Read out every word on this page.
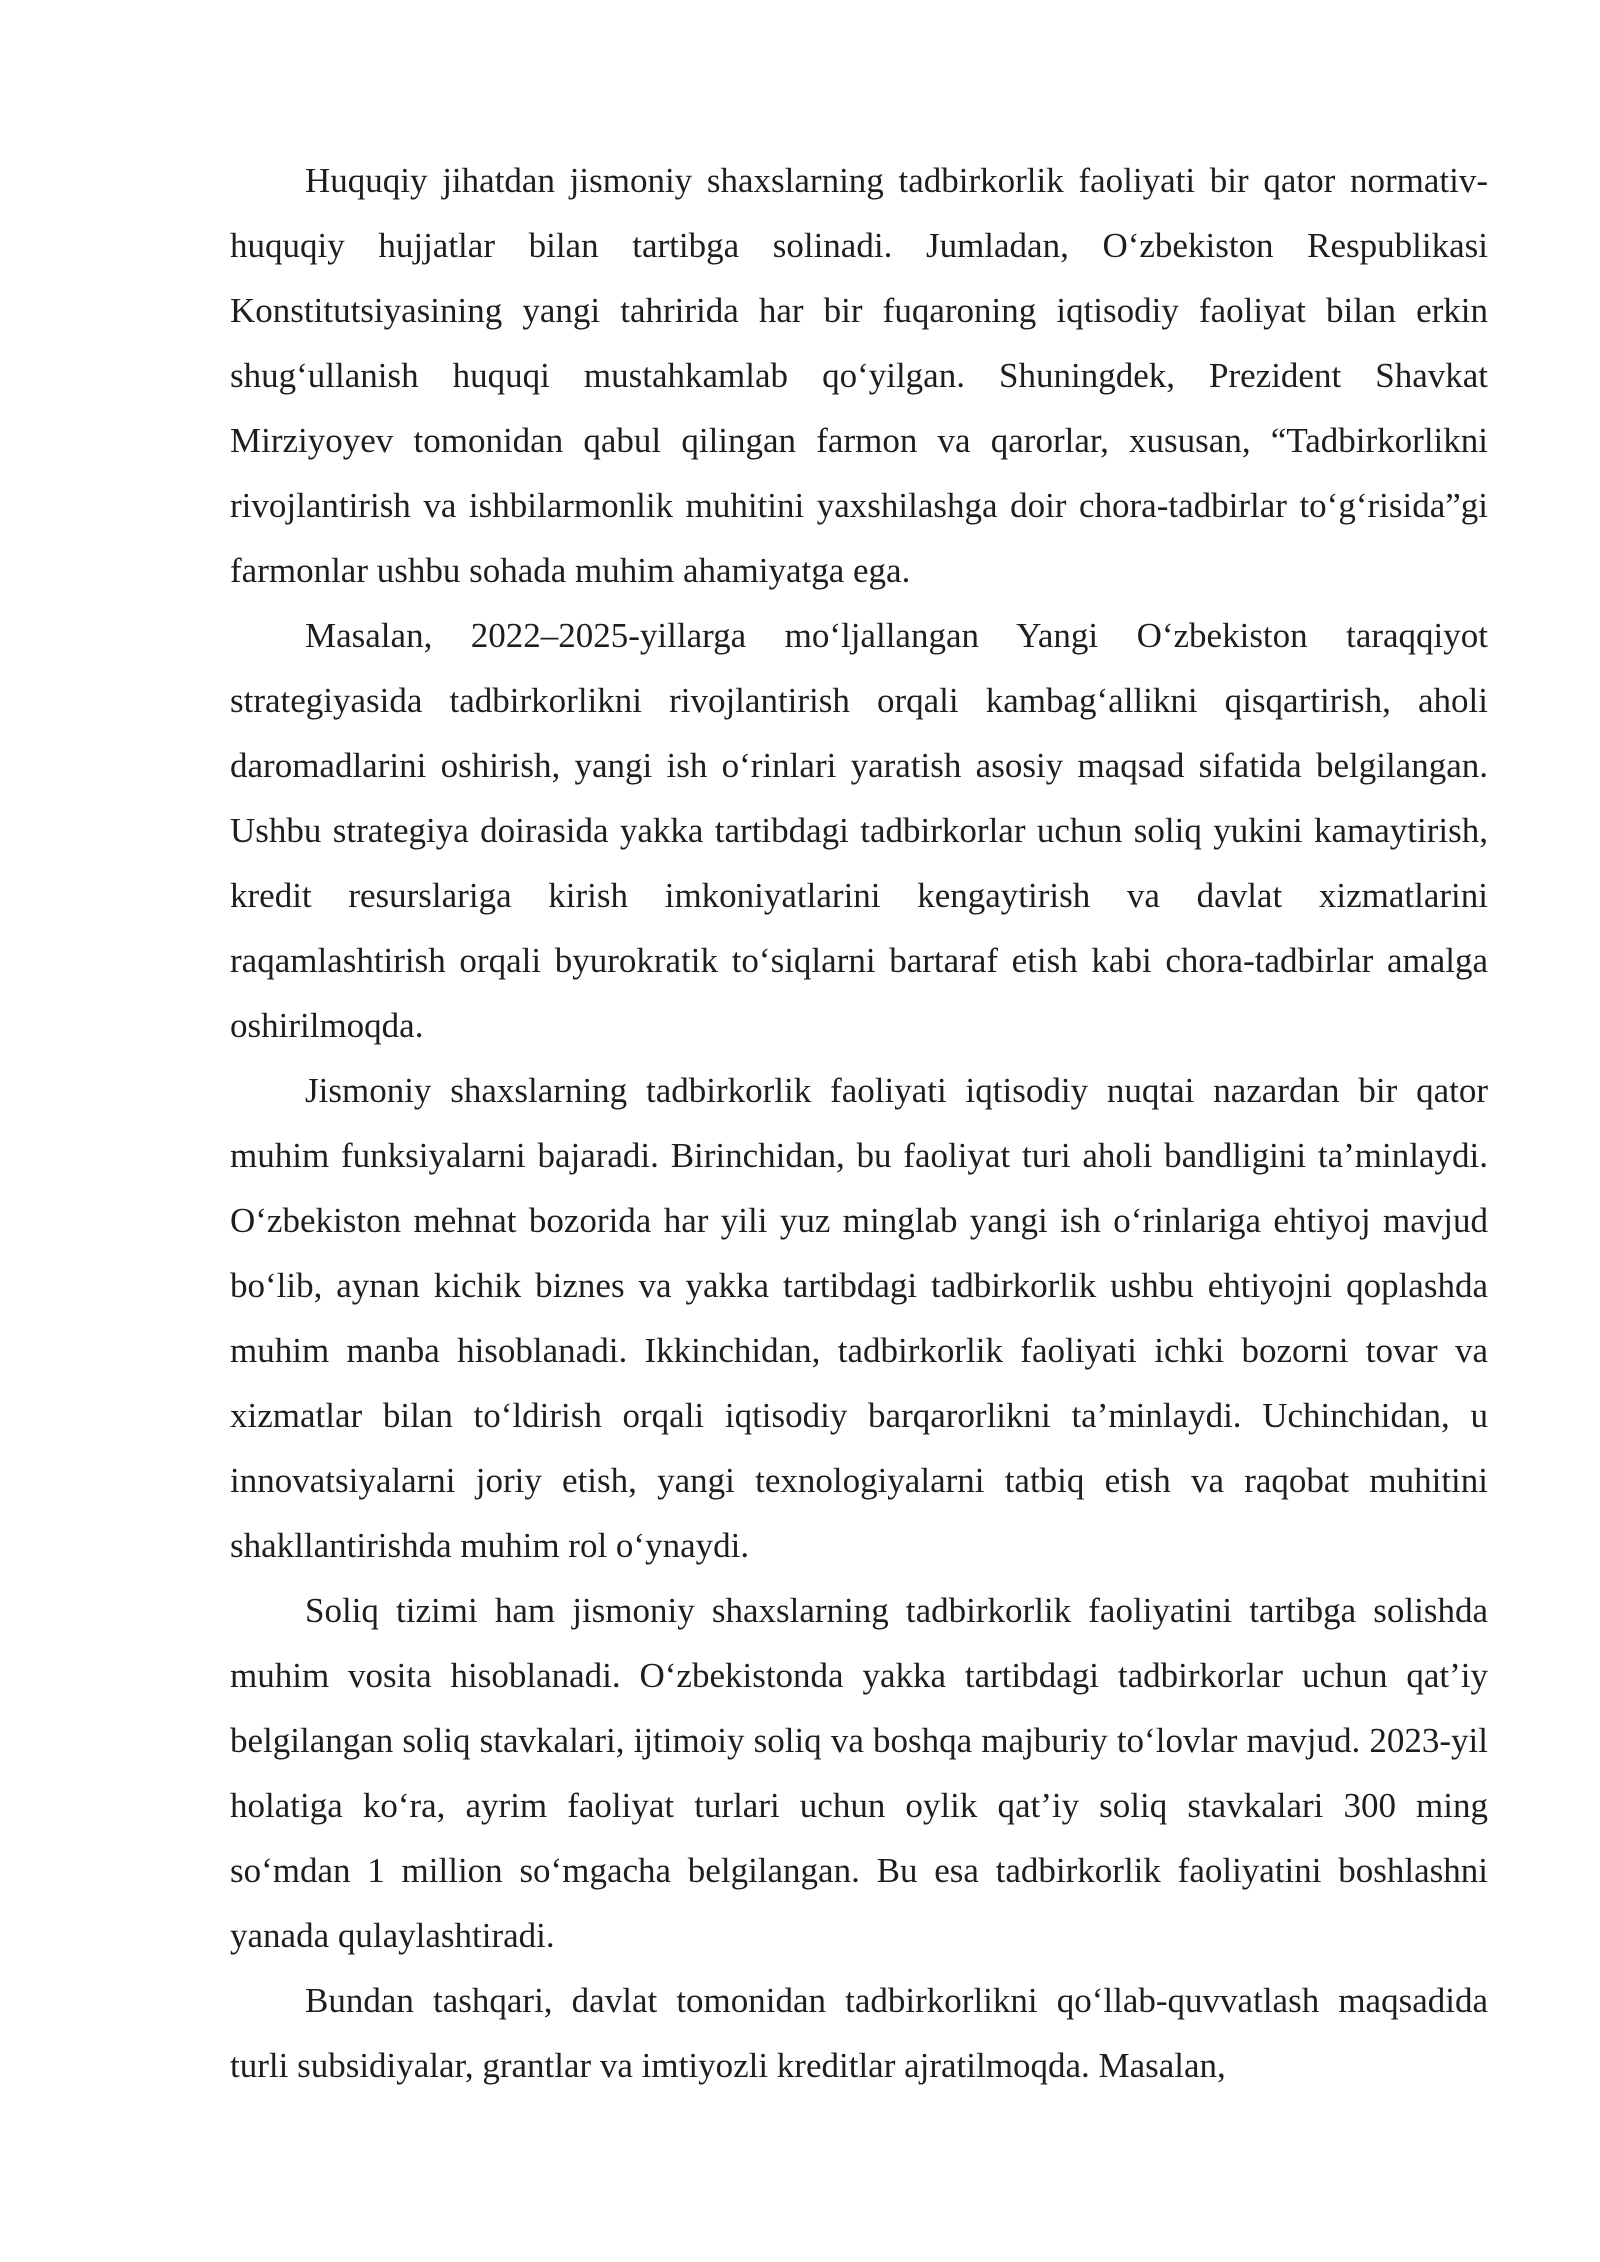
Huquqiy jihatdan jismoniy shaxslarning tadbirkorlik faoliyati bir qator normativ-huquqiy hujjatlar bilan tartibga solinadi. Jumladan, O‘zbekiston Respublikasi Konstitutsiyasining yangi tahririda har bir fuqaroning iqtisodiy faoliyat bilan erkin shug‘ullanish huquqi mustahkamlab qo‘yilgan. Shuningdek, Prezident Shavkat Mirziyoyev tomonidan qabul qilingan farmon va qarorlar, xususan, “Tadbirkorlikni rivojlantirish va ishbilarmonlik muhitini yaxshilashga doir chora-tadbirlar to‘g‘risida”gi farmonlar ushbu sohada muhim ahamiyatga ega.

Masalan, 2022–2025-yillarga mo‘ljallangan Yangi O‘zbekiston taraqqiyot strategiyasida tadbirkorlikni rivojlantirish orqali kambag‘allikni qisqartirish, aholi daromadlarini oshirish, yangi ish o‘rinlari yaratish asosiy maqsad sifatida belgilangan. Ushbu strategiya doirasida yakka tartibdagi tadbirkorlar uchun soliq yukini kamaytirish, kredit resurslariga kirish imkoniyatlarini kengaytirish va davlat xizmatlarini raqamlashtirish orqali byurokratik to‘siqlarni bartaraf etish kabi chora-tadbirlar amalga oshirilmoqda.

Jismoniy shaxslarning tadbirkorlik faoliyati iqtisodiy nuqtai nazardan bir qator muhim funksiyalarni bajaradi. Birinchidan, bu faoliyat turi aholi bandligini ta’minlaydi. O‘zbekiston mehnat bozorida har yili yuz minglab yangi ish o‘rinlariga ehtiyoj mavjud bo‘lib, aynan kichik biznes va yakka tartibdagi tadbirkorlik ushbu ehtiyojni qoplashda muhim manba hisoblanadi. Ikkinchidan, tadbirkorlik faoliyati ichki bozorni tovar va xizmatlar bilan to‘ldirish orqali iqtisodiy barqarorlikni ta’minlaydi. Uchinchidan, u innovatsiyalarni joriy etish, yangi texnologiyalarni tatbiq etish va raqobat muhitini shakllantirishda muhim rol o‘ynaydi.

Soliq tizimi ham jismoniy shaxslarning tadbirkorlik faoliyatini tartibga solishda muhim vosita hisoblanadi. O‘zbekistonda yakka tartibdagi tadbirkorlar uchun qat’iy belgilangan soliq stavkalari, ijtimoiy soliq va boshqa majburiy to‘lovlar mavjud. 2023-yil holatiga ko‘ra, ayrim faoliyat turlari uchun oylik qat’iy soliq stavkalari 300 ming so‘mdan 1 million so‘mgacha belgilangan. Bu esa tadbirkorlik faoliyatini boshlashni yanada qulaylashtiradi.

Bundan tashqari, davlat tomonidan tadbirkorlikni qo‘llab-quvvatlash maqsadida turli subsidiyalar, grantlar va imtiyozli kreditlar ajratilmoqda. Masalan,
